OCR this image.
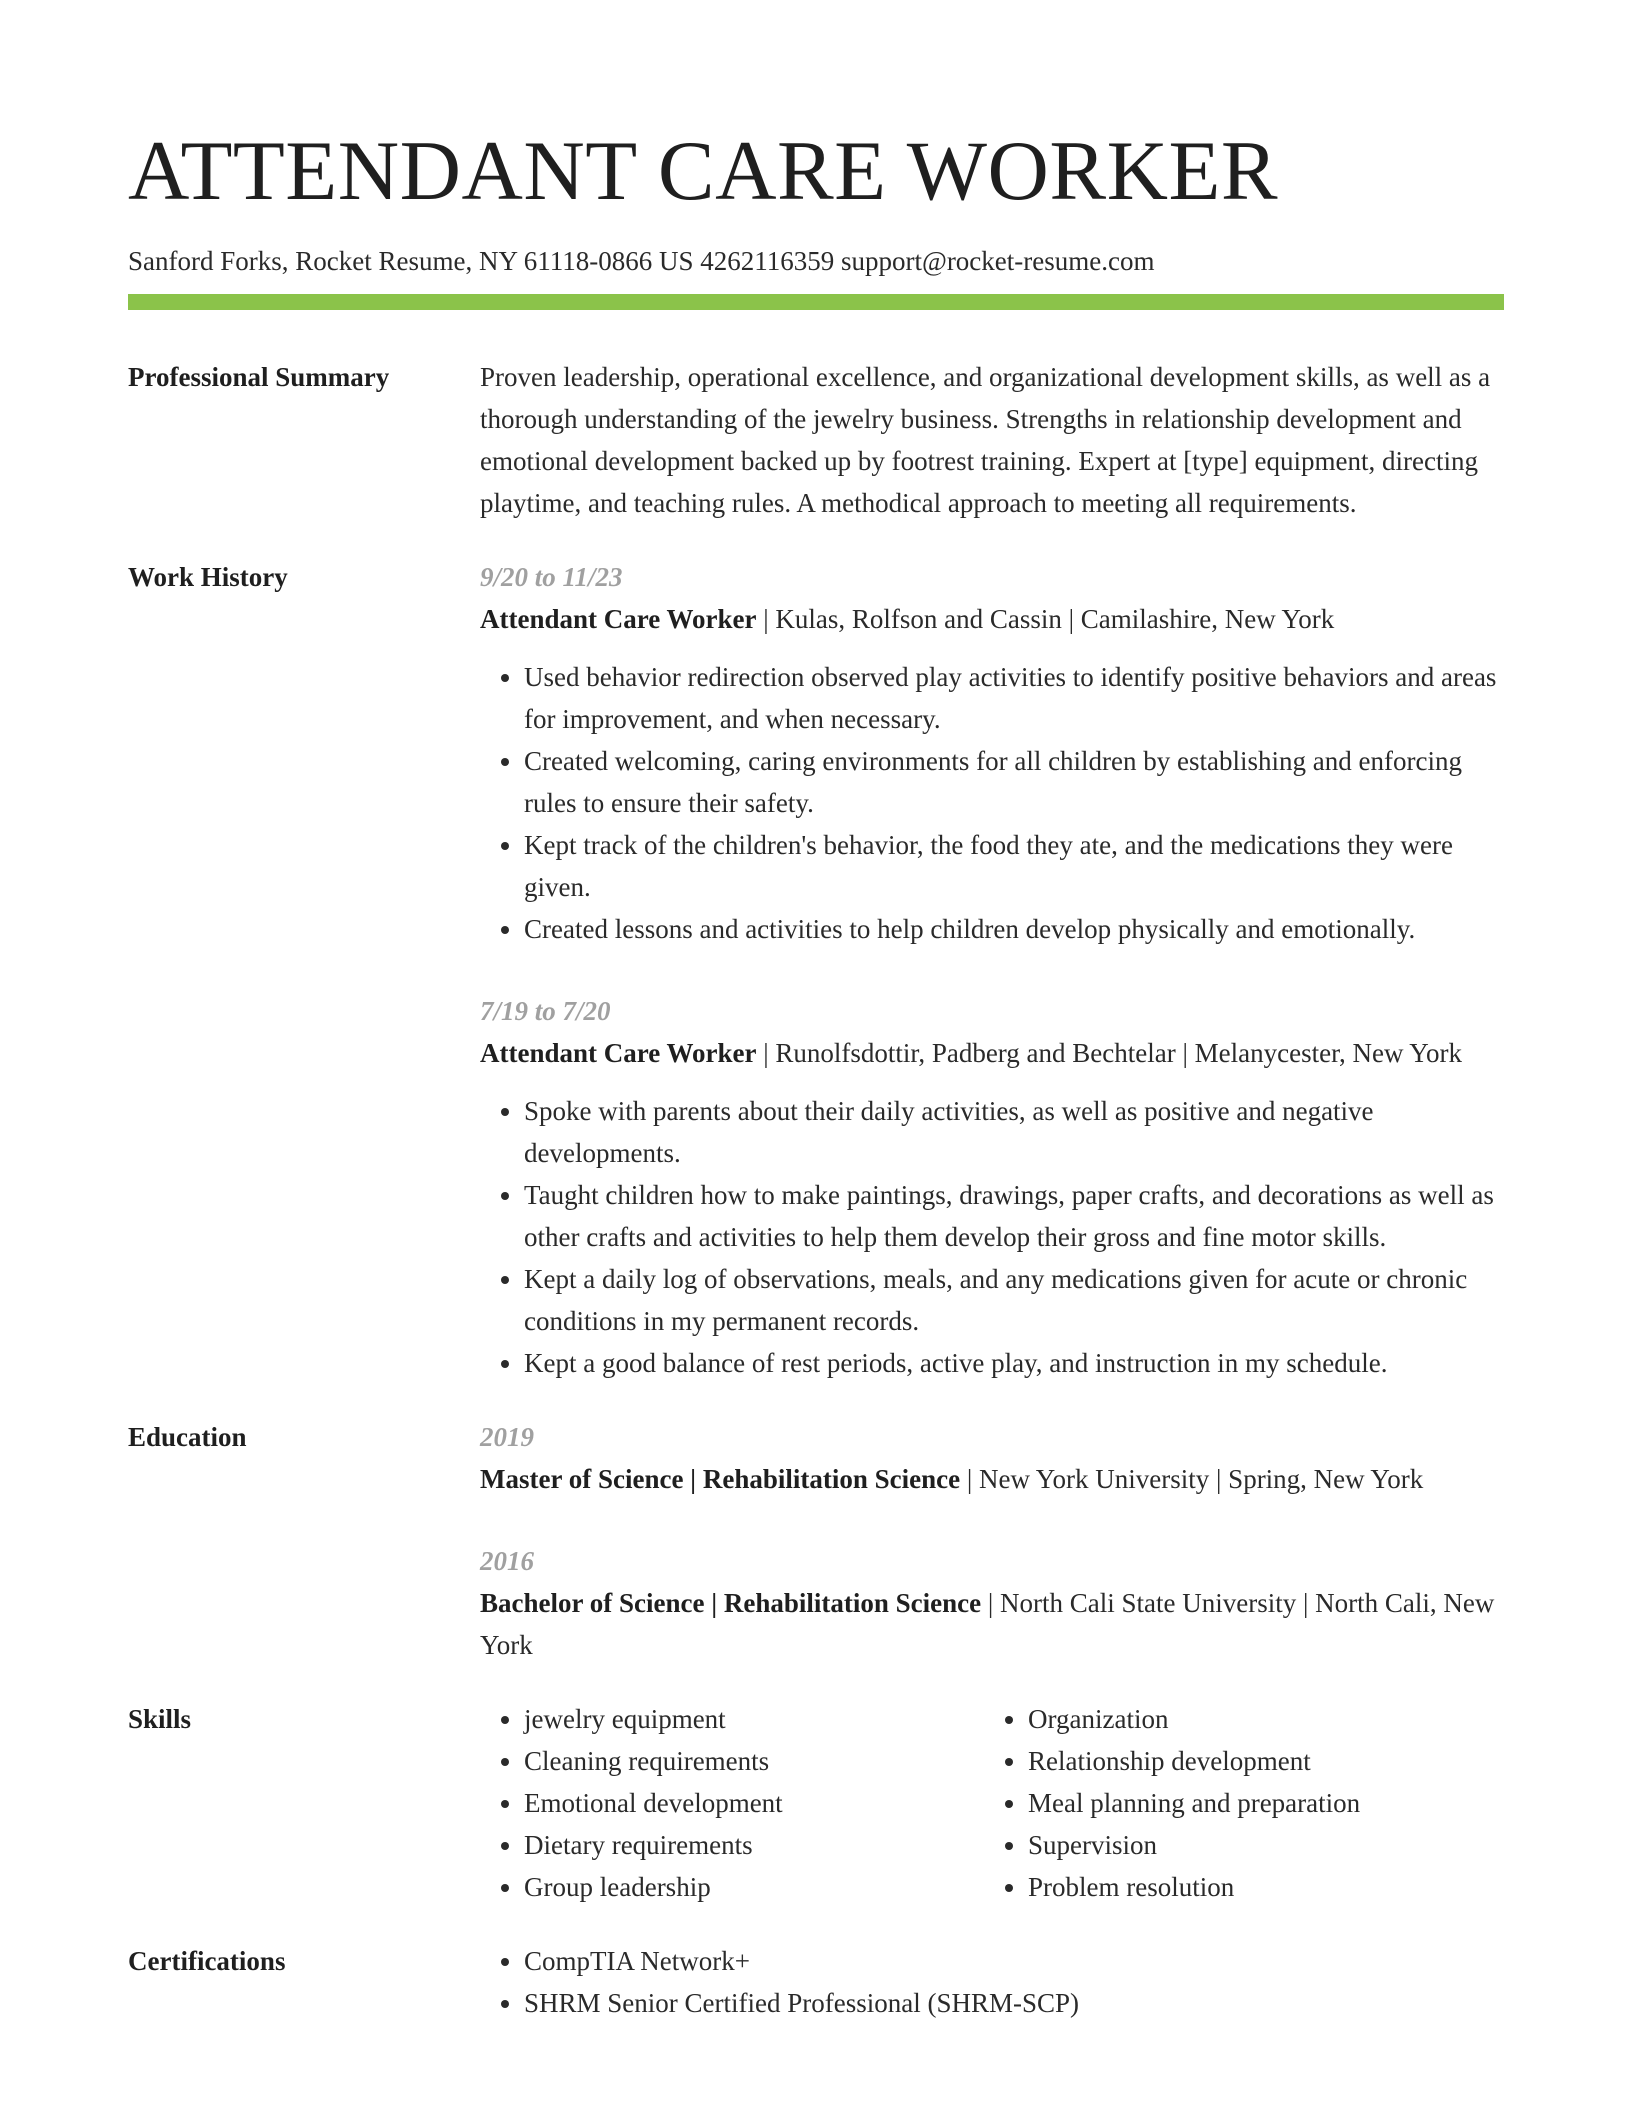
ATTENDANT CARE WORKER
Sanford Forks, Rocket Resume, NY 61118-0866 US 4262116359 support@rocket-resume.com
Professional Summary	Proven leadership, operational excellence, and organizational development skills, as well as a thorough understanding of the jewelry business. Strengths in relationship development and emotional development backed up by footrest training. Expert at [type] equipment, directing playtime, and teaching rules. A methodical approach to meeting all requirements.

Work History	9/20 to 11/23
Attendant Care Worker | Kulas, Rolfson and Cassin | Camilashire, New York
• Used behavior redirection observed play activities to identify positive behaviors and areas for improvement, and when necessary.
• Created welcoming, caring environments for all children by establishing and enforcing rules to ensure their safety.
• Kept track of the children's behavior, the food they ate, and the medications they were given.
• Created lessons and activities to help children develop physically and emotionally.
7/19 to 7/20
Attendant Care Worker | Runolfsdottir, Padberg and Bechtelar | Melanycester, New York
• Spoke with parents about their daily activities, as well as positive and negative developments.
• Taught children how to make paintings, drawings, paper crafts, and decorations as well as other crafts and activities to help them develop their gross and fine motor skills.
• Kept a daily log of observations, meals, and any medications given for acute or chronic conditions in my permanent records.
• Kept a good balance of rest periods, active play, and instruction in my schedule.
Education	2019
Master of Science | Rehabilitation Science | New York University | Spring, New York
2016
Bachelor of Science | Rehabilitation Science | North Cali State University | North Cali, New York
Skills	• jewelry equipment
• Cleaning requirements
• Emotional development
• Dietary requirements
• Group leadership
• Organization
• Relationship development
• Meal planning and preparation
• Supervision
• Problem resolution
Certifications	• CompTIA Network+
• SHRM Senior Certified Professional (SHRM-SCP)
